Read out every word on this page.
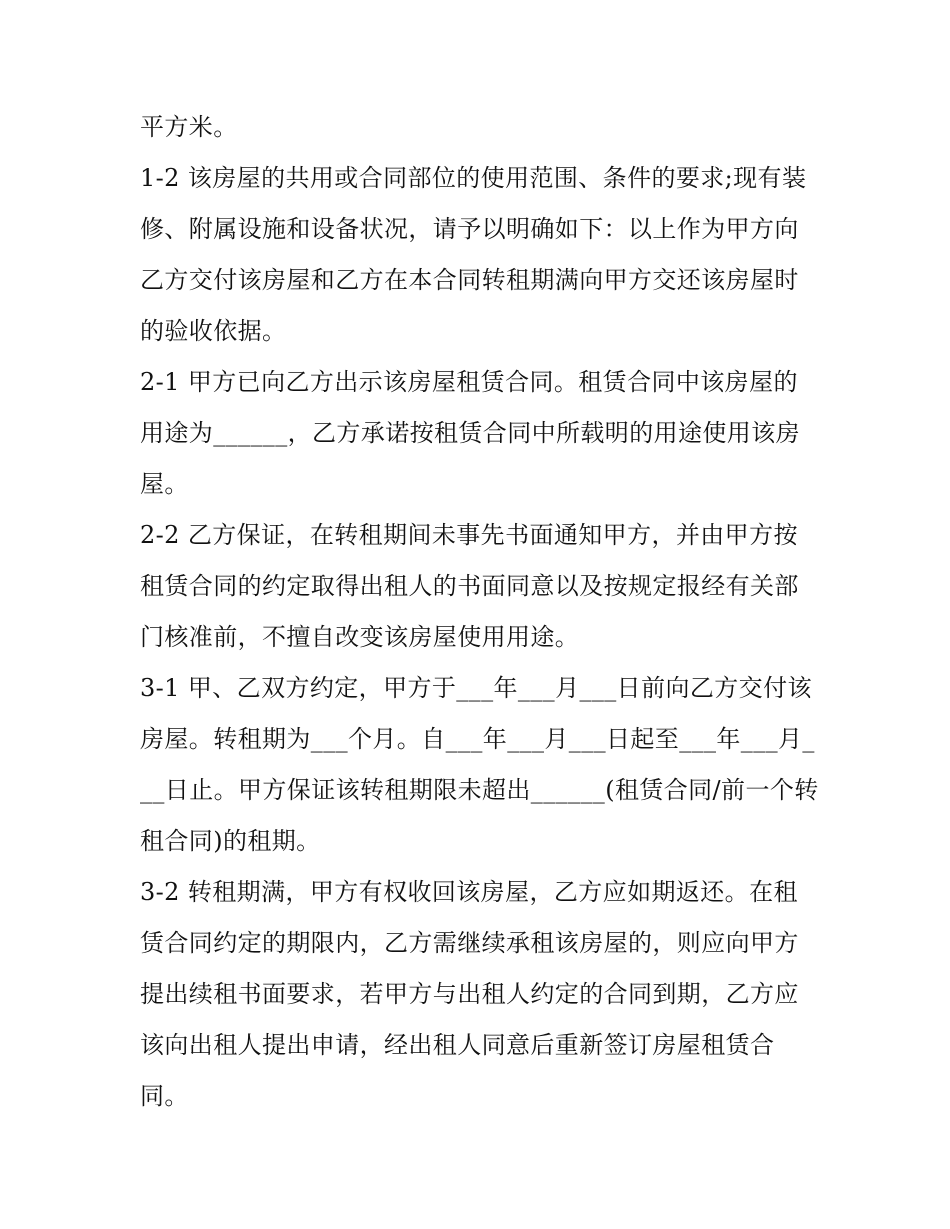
平方米。

1-2 该房屋的共用或合同部位的使用范围、条件的要求;现有装修、附属设施和设备状况，请予以明确如下：以上作为甲方向乙方交付该房屋和乙方在本合同转租期满向甲方交还该房屋时的验收依据。

2-1 甲方已向乙方出示该房屋租赁合同。租赁合同中该房屋的用途为______，乙方承诺按租赁合同中所载明的用途使用该房屋。

2-2 乙方保证，在转租期间未事先书面通知甲方，并由甲方按租赁合同的约定取得出租人的书面同意以及按规定报经有关部门核准前，不擅自改变该房屋使用用途。

3-1 甲、乙双方约定，甲方于___年___月___日前向乙方交付该房屋。转租期为___个月。自___年___月___日起至___年___月___日止。甲方保证该转租期限未超出______(租赁合同/前一个转租合同)的租期。

3-2 转租期满，甲方有权收回该房屋，乙方应如期返还。在租赁合同约定的期限内，乙方需继续承租该房屋的，则应向甲方提出续租书面要求，若甲方与出租人约定的合同到期，乙方应该向出租人提出申请，经出租人同意后重新签订房屋租赁合同。
